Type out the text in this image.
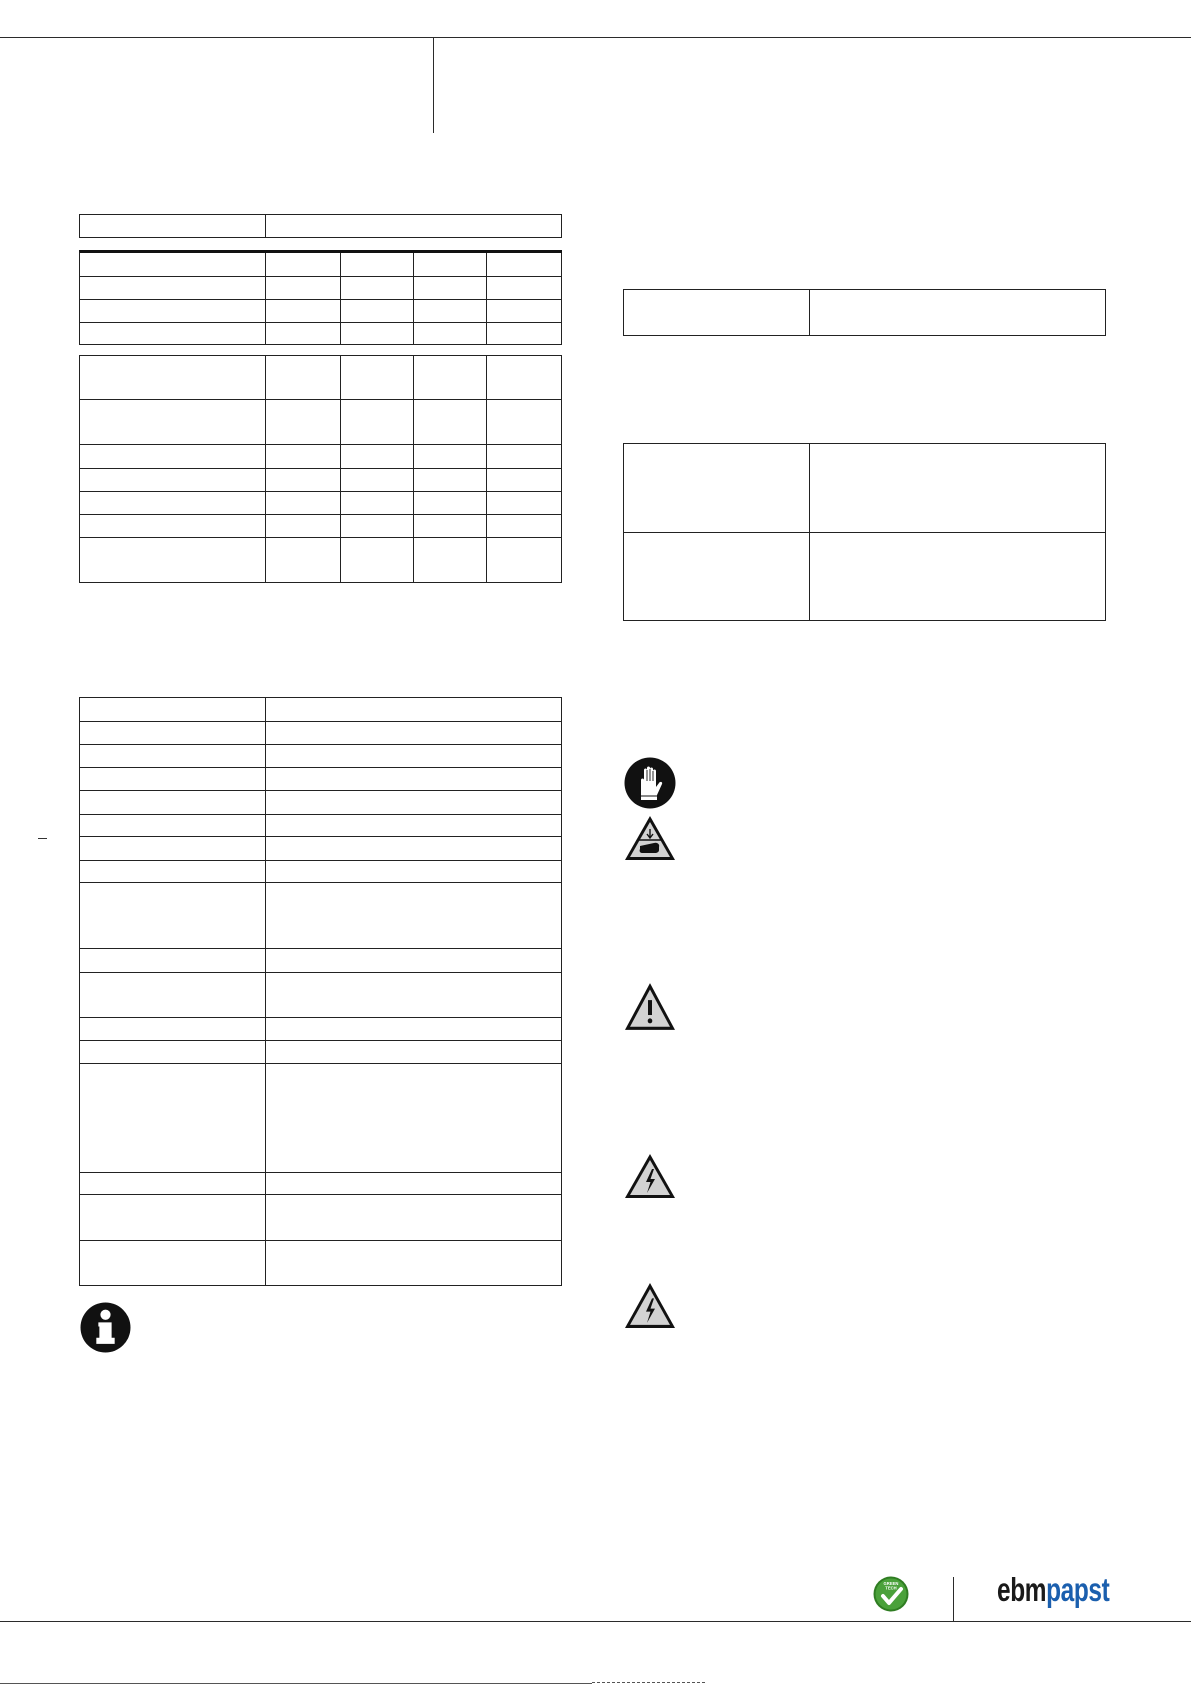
GREEN
TECH	ebmpapst
